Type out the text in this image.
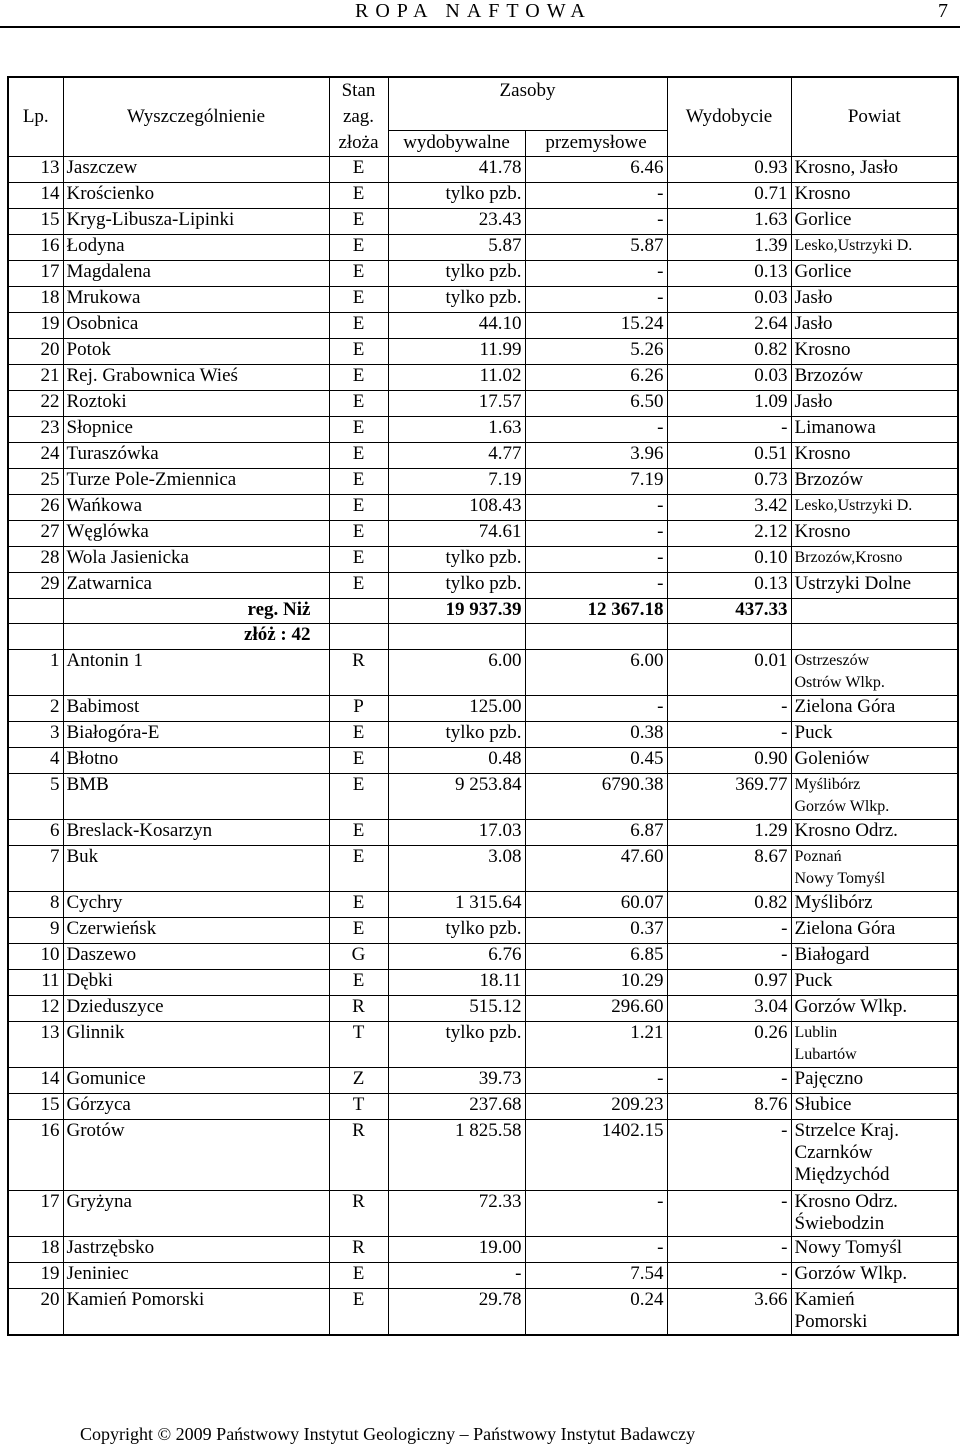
ROPA NAFTOWA	7
Lp.	Wyszczególnienie	Stan
zag.
złoża	Zasoby		Wydobycie	Powiat
			wydobywalne	przemysłowe		
13	Jaszczew	E	41.78	6.46	0.93	Krosno, Jasło

14	Krościenko	E	tylko pzb.	-	0.71	Krosno

15	Kryg-Libusza-Lipinki	E	23.43	-	1.63	Gorlice

16	Łodyna	E	5.87	5.87	1.39	Lesko,Ustrzyki D.

17	Magdalena	E	tylko pzb.	-	0.13	Gorlice

18	Mrukowa	E	tylko pzb.	-	0.03	Jasło

19	Osobnica	E	44.10	15.24	2.64	Jasło

20	Potok	E	11.99	5.26	0.82	Krosno

21	Rej. Grabownica Wieś	E	11.02	6.26	0.03	Brzozów

22	Roztoki	E	17.57	6.50	1.09	Jasło

23	Słopnice	E	1.63	-	-	Limanowa

24	Turaszówka	E	4.77	3.96	0.51	Krosno

25	Turze Pole-Zmiennica	E	7.19	7.19	0.73	Brzozów

26	Wańkowa	E	108.43	-	3.42	Lesko,Ustrzyki D.

27	Węglówka	E	74.61	-	2.12	Krosno

28	Wola Jasienicka	E	tylko pzb.	-	0.10	Brzozów,Krosno

29	Zatwarnica	E	tylko pzb.	-	0.13	Ustrzyki Dolne

	reg. Niż		19 937.39	12 367.18	437.33	
	złóż : 42					
1	Antonin 1	R	6.00	6.00	0.01	Ostrzeszów
Ostrów Wlkp.

2	Babimost	P	125.00	-	-	Zielona Góra

3	Białogóra-E	E	tylko pzb.	0.38	-	Puck

4	Błotno	E	0.48	0.45	0.90	Goleniów

5	BMB	E	9 253.84	6790.38	369.77	Myślibórz
Gorzów Wlkp.

6	Breslack-Kosarzyn	E	17.03	6.87	1.29	Krosno Odrz.

7	Buk	E	3.08	47.60	8.67	Poznań
Nowy Tomyśl

8	Cychry	E	1 315.64	60.07	0.82	Myślibórz

9	Czerwieńsk	E	tylko pzb.	0.37	-	Zielona Góra

10	Daszewo	G	6.76	6.85	-	Białogard

11	Dębki	E	18.11	10.29	0.97	Puck

12	Dzieduszyce	R	515.12	296.60	3.04	Gorzów Wlkp.

13	Glinnik	T	tylko pzb.	1.21	0.26	Lublin
Lubartów

14	Gomunice	Z	39.73	-	-	Pajęczno

15	Górzyca	T	237.68	209.23	8.76	Słubice

16	Grotów	R	1 825.58	1402.15	-	Strzelce Kraj.
Czarnków
Międzychód

17	Gryżyna	R	72.33	-	-	Krosno Odrz.
Świebodzin

18	Jastrzębsko	R	19.00	-	-	Nowy Tomyśl

19	Jeniniec	E	-	7.54	-	Gorzów Wlkp.

20	Kamień Pomorski	E	29.78	0.24	3.66	Kamień
Pomorski
Copyright © 2009 Państwowy Instytut Geologiczny – Państwowy Instytut Badawczy
